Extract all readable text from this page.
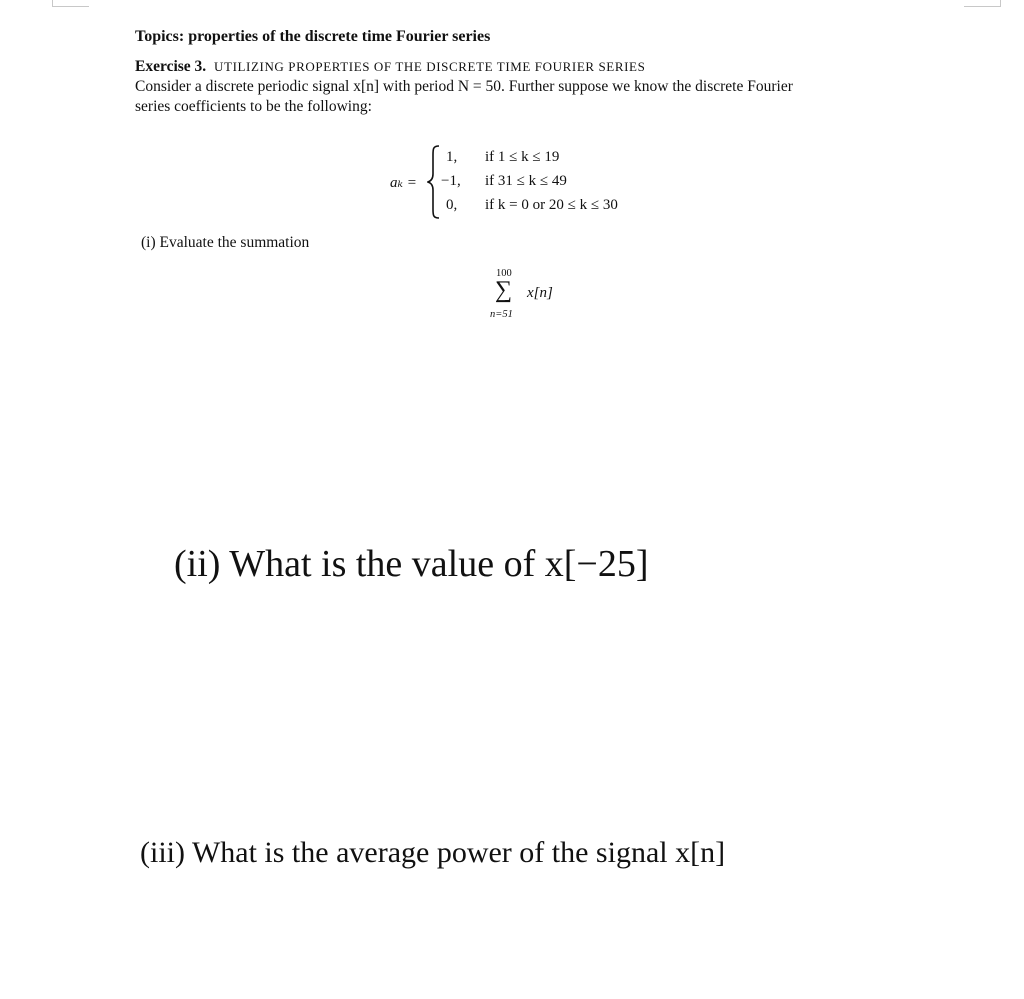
Topics: properties of the discrete time Fourier series
Exercise 3. UTILIZING PROPERTIES OF THE DISCRETE TIME FOURIER SERIES
Consider a discrete periodic signal x[n] with period N = 50. Further suppose we know the discrete Fourier
series coefficients to be the following:
aₖ =
1,
−1,
0,
if 1 ≤ k ≤ 19
if 31 ≤ k ≤ 49
if k = 0 or 20 ≤ k ≤ 30
(i) Evaluate the summation
100
∑
n=51
x[n]
(ii) What is the value of x[−25]
(iii) What is the average power of the signal x[n]
